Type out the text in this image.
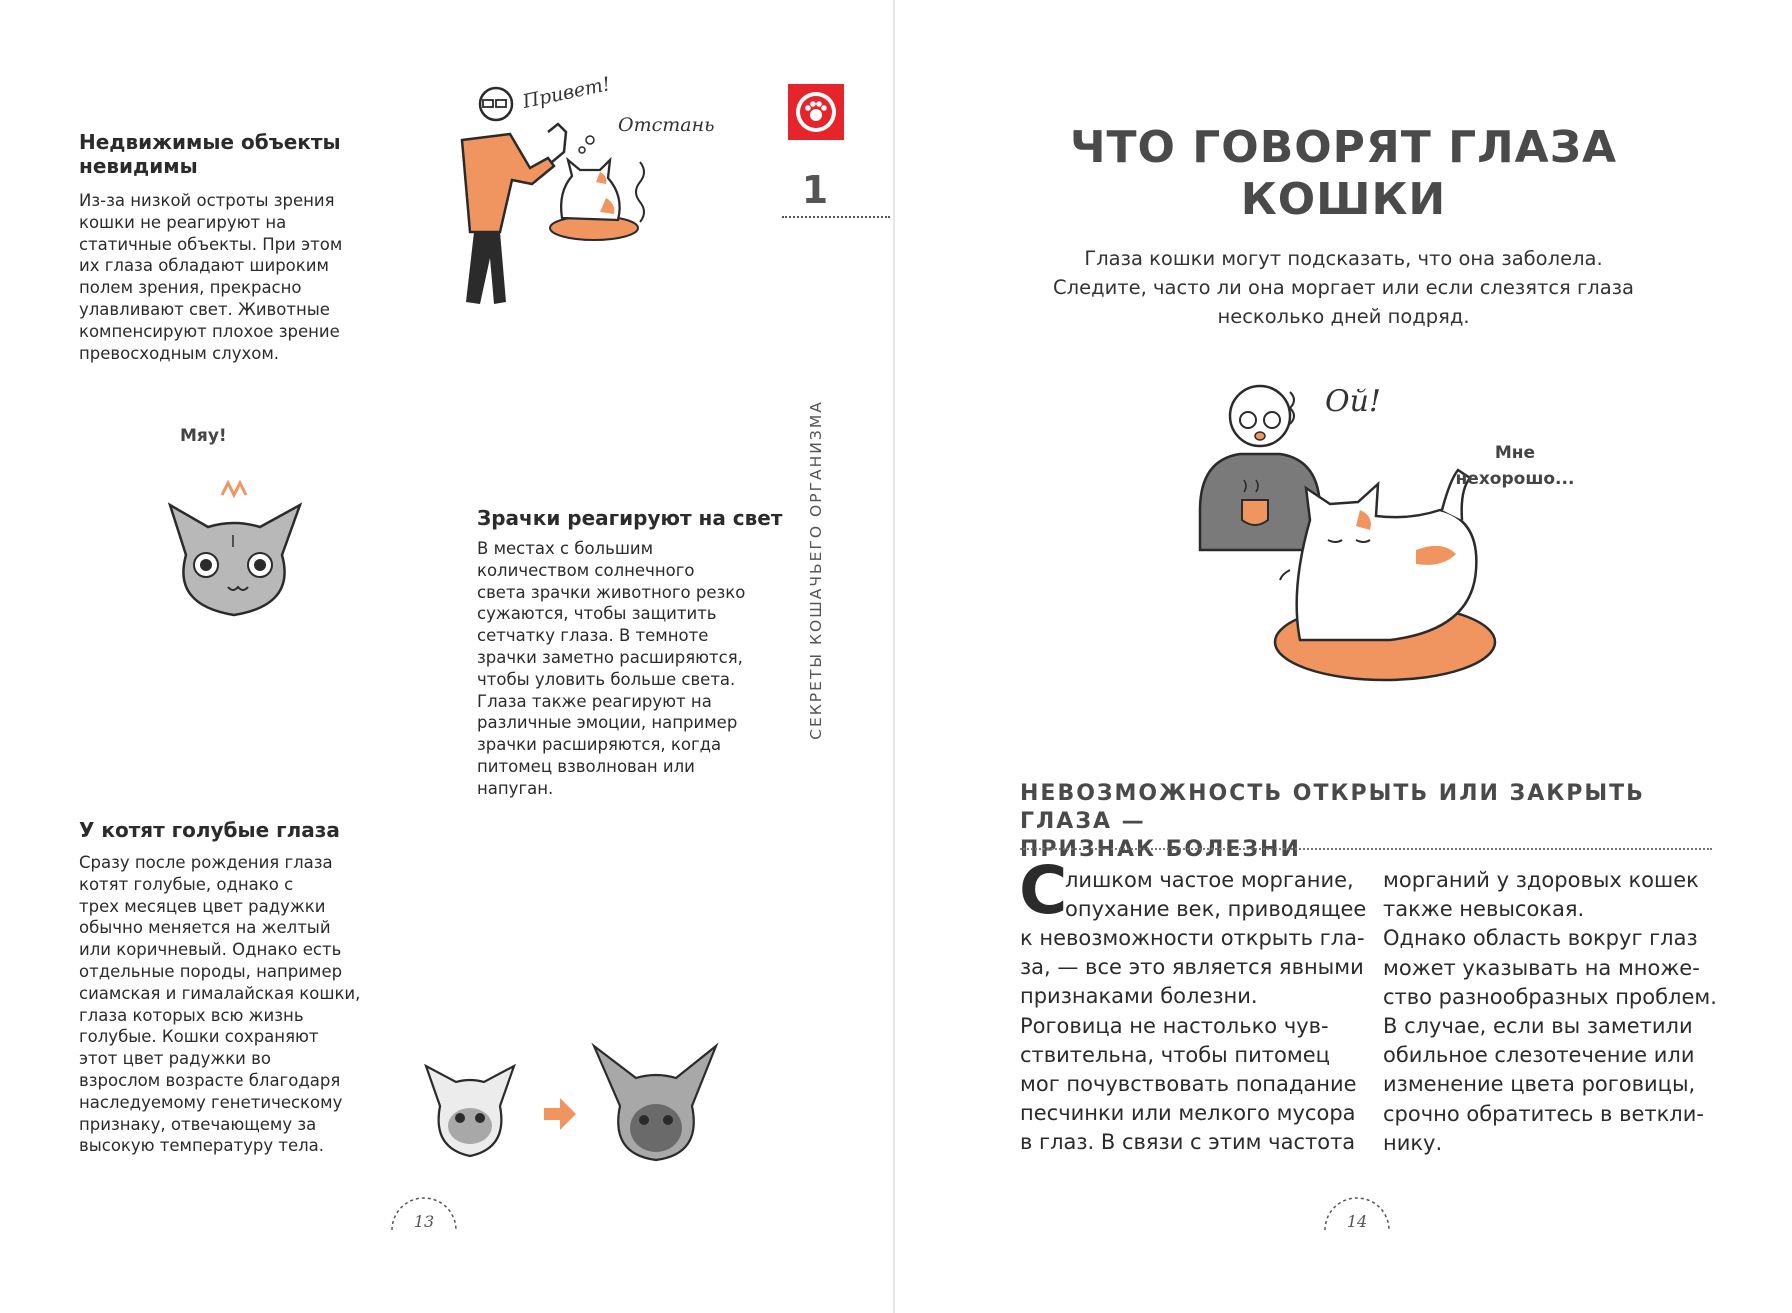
Недвижимые объекты
невидимы
Из-за низкой остроты зрения
кошки не реагируют на
статичные объекты. При этом
их глаза обладают широким
полем зрения, прекрасно
улавливают свет. Животные
компенсируют плохое зрение
превосходным слухом.
Привет!
Отстань
Мяу!
Зрачки реагируют на свет
В местах с большим
количеством солнечного
света зрачки животного резко
сужаются, чтобы защитить
сетчатку глаза. В темноте
зрачки заметно расширяются,
чтобы уловить больше света.
Глаза также реагируют на
различные эмоции, например
зрачки расширяются, когда
питомец взволнован или
напуган.
У котят голубые глаза
Сразу после рождения глаза
котят голубые, однако с
трех месяцев цвет радужки
обычно меняется на желтый
или коричневый. Однако есть
отдельные породы, например
сиамская и гималайская кошки,
глаза которых всю жизнь
голубые. Кошки сохраняют
этот цвет радужки во
взрослом возрасте благодаря
наследуемому генетическому
признаку, отвечающему за
высокую температуру тела.
13
1
СЕКРЕТЫ КОШАЧЬЕГО ОРГАНИЗМА
ЧТО ГОВОРЯТ ГЛАЗА
КОШКИ
Глаза кошки могут подсказать, что она заболела.
Следите, часто ли она моргает или если слезятся глаза
несколько дней подряд.
Ой!
Мне
нехорошо...
НЕВОЗМОЖНОСТЬ ОТКРЫТЬ ИЛИ ЗАКРЫТЬ ГЛАЗА —
ПРИЗНАК БОЛЕЗНИ
С
лишком частое моргание,
опухание век, приводящее
к невозможности открыть гла-
за, — все это является явными
признаками болезни.
Роговица не настолько чув-
ствительна, чтобы питомец
мог почувствовать попадание
песчинки или мелкого мусора
в глаз. В связи с этим частота
морганий у здоровых кошек
также невысокая.
Однако область вокруг глаз
может указывать на множе-
ство разнообразных проблем.
В случае, если вы заметили
обильное слезотечение или
изменение цвета роговицы,
срочно обратитесь в веткли-
нику.
14
